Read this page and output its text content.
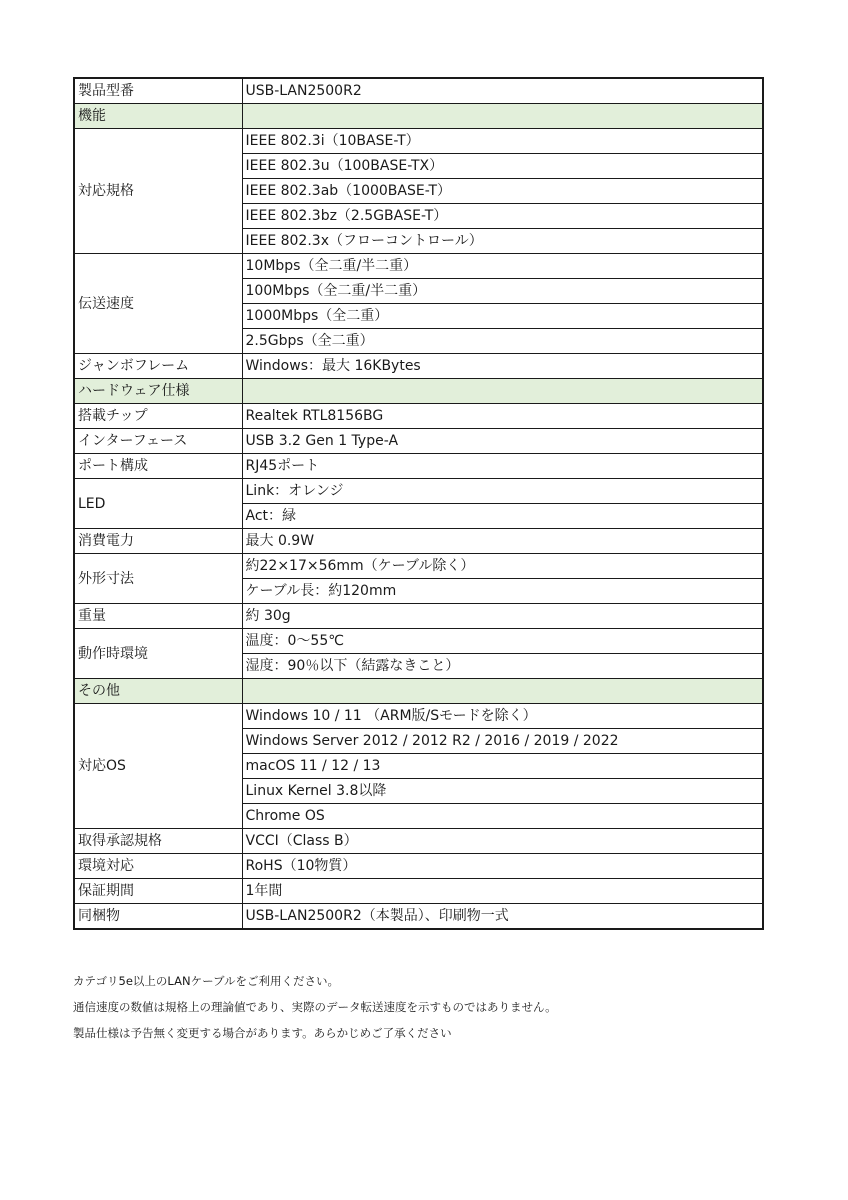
製品型番	USB-LAN2500R2
機能	
対応規格	IEEE 802.3i（10BASE-T）
	IEEE 802.3u（100BASE-TX）
	IEEE 802.3ab（1000BASE-T）
	IEEE 802.3bz（2.5GBASE-T）
	IEEE 802.3x（フローコントロール）
伝送速度	10Mbps（全二重/半二重）
	100Mbps（全二重/半二重）
	1000Mbps（全二重）
	2.5Gbps（全二重）
ジャンボフレーム	Windows：最大 16KBytes
ハードウェア仕様	
搭載チップ	Realtek RTL8156BG
インターフェース	USB 3.2 Gen 1 Type-A
ポート構成	RJ45ポート
LED	Link：オレンジ
	Act：緑
消費電力	最大 0.9W
外形寸法	約22×17×56mm（ケーブル除く）
	ケーブル長：約120mm
重量	約 30g
動作時環境	温度：0～55℃
	湿度：90％以下（結露なきこと）
その他	
対応OS	Windows 10 / 11 （ARM版/Sモードを除く）
	Windows Server 2012 / 2012 R2 / 2016 / 2019 / 2022
	macOS 11 / 12 / 13
	Linux Kernel 3.8以降
	Chrome OS
取得承認規格	VCCI（Class B）
環境対応	RoHS（10物質）
保証期間	1年間
同梱物	USB-LAN2500R2（本製品）、印刷物一式

カテゴリ5e以上のLANケーブルをご利用ください。

通信速度の数値は規格上の理論値であり、実際のデータ転送速度を示すものではありません。

製品仕様は予告無く変更する場合があります。あらかじめご了承ください
